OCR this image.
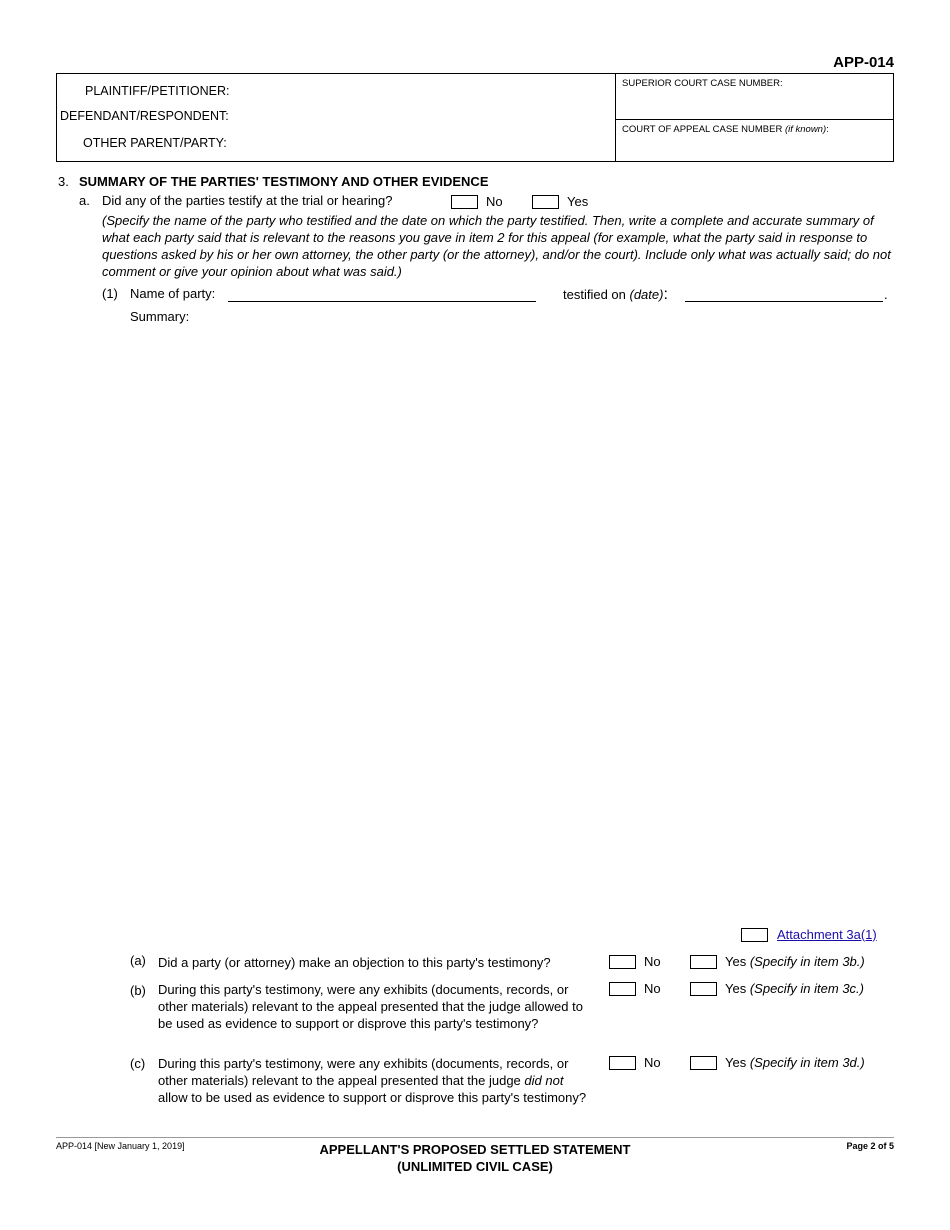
APP-014
PLAINTIFF/PETITIONER:
DEFENDANT/RESPONDENT:
OTHER PARENT/PARTY:
SUPERIOR COURT CASE NUMBER:
COURT OF APPEAL CASE NUMBER (if known):
3. SUMMARY OF THE PARTIES' TESTIMONY AND OTHER EVIDENCE
a. Did any of the parties testify at the trial or hearing?	No	Yes
(Specify the name of the party who testified and the date on which the party testified. Then, write a complete and accurate summary of what each party said that is relevant to the reasons you gave in item 2 for this appeal (for example, what the party said in response to questions asked by his or her own attorney, the other party (or the attorney), and/or the court). Include only what was actually said; do not comment or give your opinion about what was said.)
(1) Name of party:	testified on (date):	.
Summary:
Attachment 3a(1)
(a) Did a party (or attorney) make an objection to this party's testimony?	No	Yes (Specify in item 3b.)
(b) During this party's testimony, were any exhibits (documents, records, or other materials) relevant to the appeal presented that the judge allowed to be used as evidence to support or disprove this party's testimony?
No	Yes (Specify in item 3c.)
(c) During this party's testimony, were any exhibits (documents, records, or other materials) relevant to the appeal presented that the judge did not allow to be used as evidence to support or disprove this party's testimony?
No	Yes (Specify in item 3d.)
APP-014 [New January 1, 2019]	APPELLANT'S PROPOSED SETTLED STATEMENT
(UNLIMITED CIVIL CASE)
Page 2 of 5
